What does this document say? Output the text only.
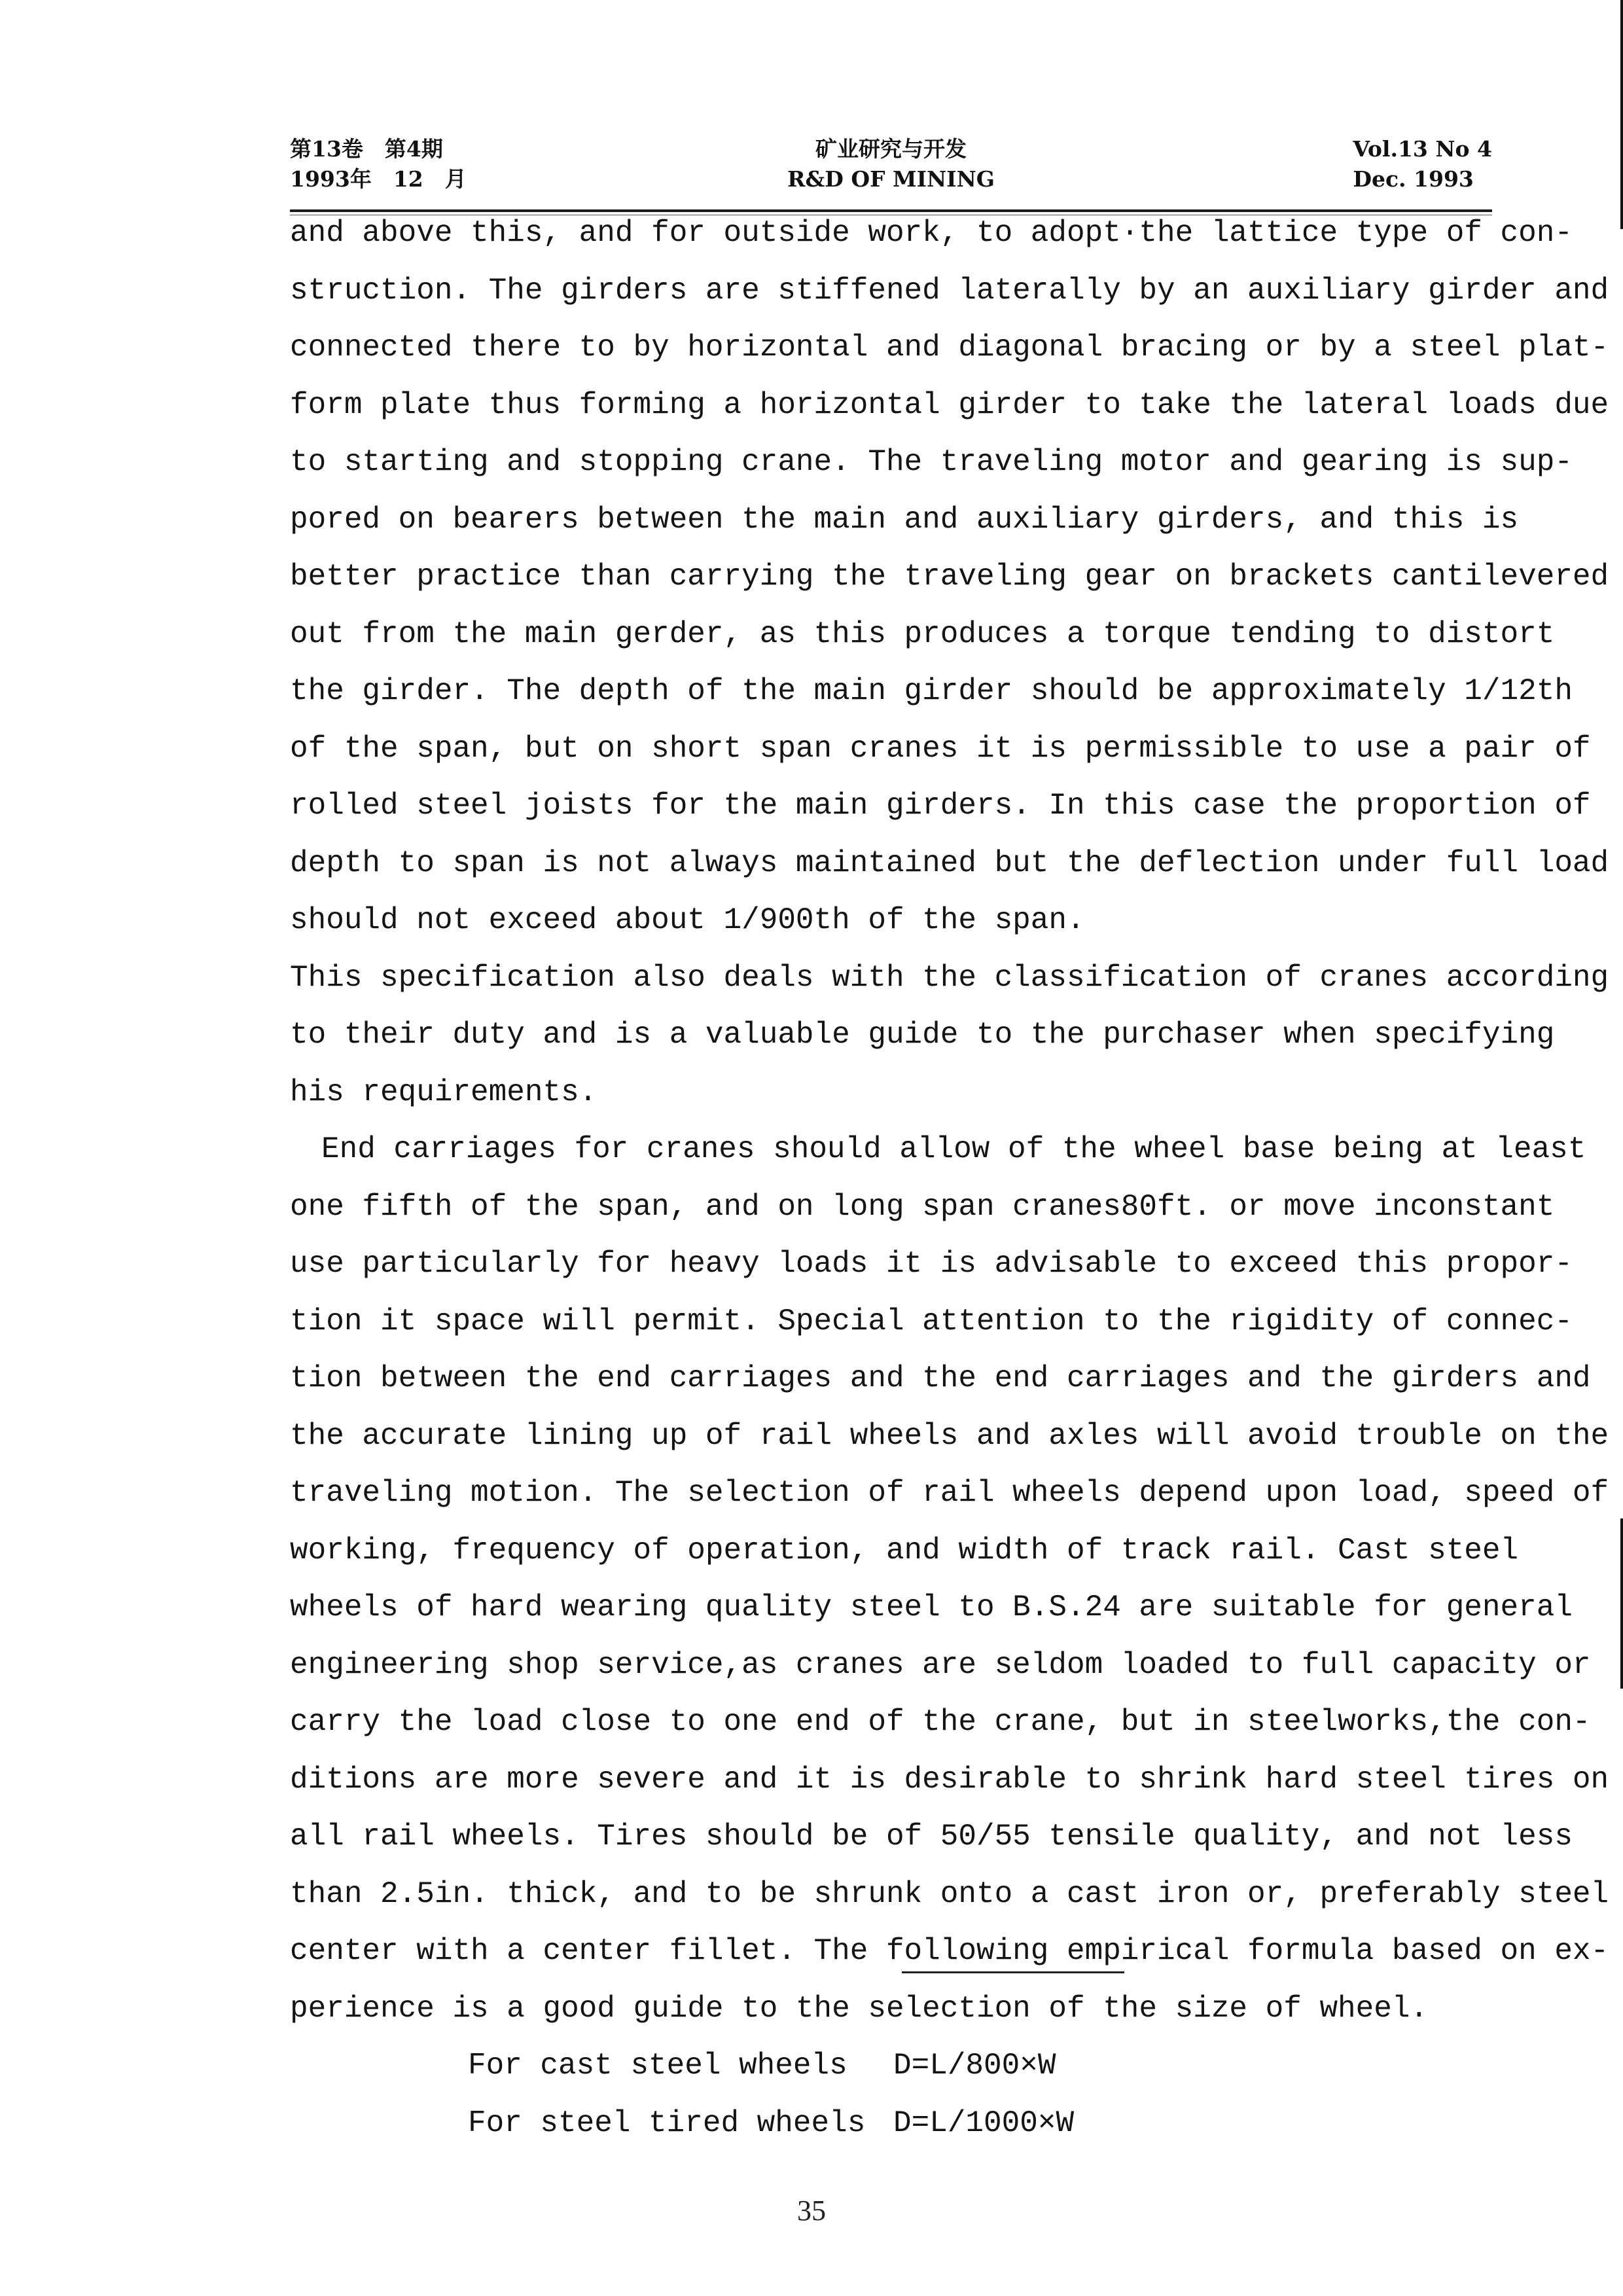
第13卷　第4期
1993年　12　月
矿业研究与开发
R&D OF MINING
Vol.13 No 4
Dec. 1993
and above this, and for outside work, to adopt·the lattice type of con-
struction. The girders are stiffened laterally by an auxiliary girder and
connected there to by horizontal and diagonal bracing or by a steel plat-
form plate thus forming a horizontal girder to take the lateral loads due
to starting and stopping crane. The traveling motor and gearing is sup-
pored on bearers between the main and auxiliary girders, and this is
better practice than carrying the traveling gear on brackets cantilevered
out from the main gerder, as this produces a torque tending to distort
the girder. The depth of the main girder should be approximately 1/12th
of the span, but on short span cranes it is permissible to use a pair of
rolled steel joists for the main girders. In this case the proportion of
depth to span is not always maintained but the deflection under full load
should not exceed about 1/900th of the span.
This specification also deals with the classification of cranes according
to their duty and is a valuable guide to the purchaser when specifying
his requirements.
End carriages for cranes should allow of the wheel base being at least
one fifth of the span, and on long span cranes80ft. or move inconstant
use particularly for heavy loads it is advisable to exceed this propor-
tion it space will permit. Special attention to the rigidity of connec-
tion between the end carriages and the end carriages and the girders and
the accurate lining up of rail wheels and axles will avoid trouble on the
traveling motion. The selection of rail wheels depend upon load, speed of
working, frequency of operation, and width of track rail. Cast steel
wheels of hard wearing quality steel to B.S.24 are suitable for general
engineering shop service,as cranes are seldom loaded to full capacity or
carry the load close to one end of the crane, but in steelworks,the con-
ditions are more severe and it is desirable to shrink hard steel tires on
all rail wheels. Tires should be of 50/55 tensile quality, and not less
than 2.5in. thick, and to be shrunk onto a cast iron or, preferably steel
center with a center fillet. The following empirical formula based on ex-
perience is a good guide to the selection of the size of wheel.
For cast steel wheels D=L/800×W
For steel tired wheels D=L/1000×W
35
